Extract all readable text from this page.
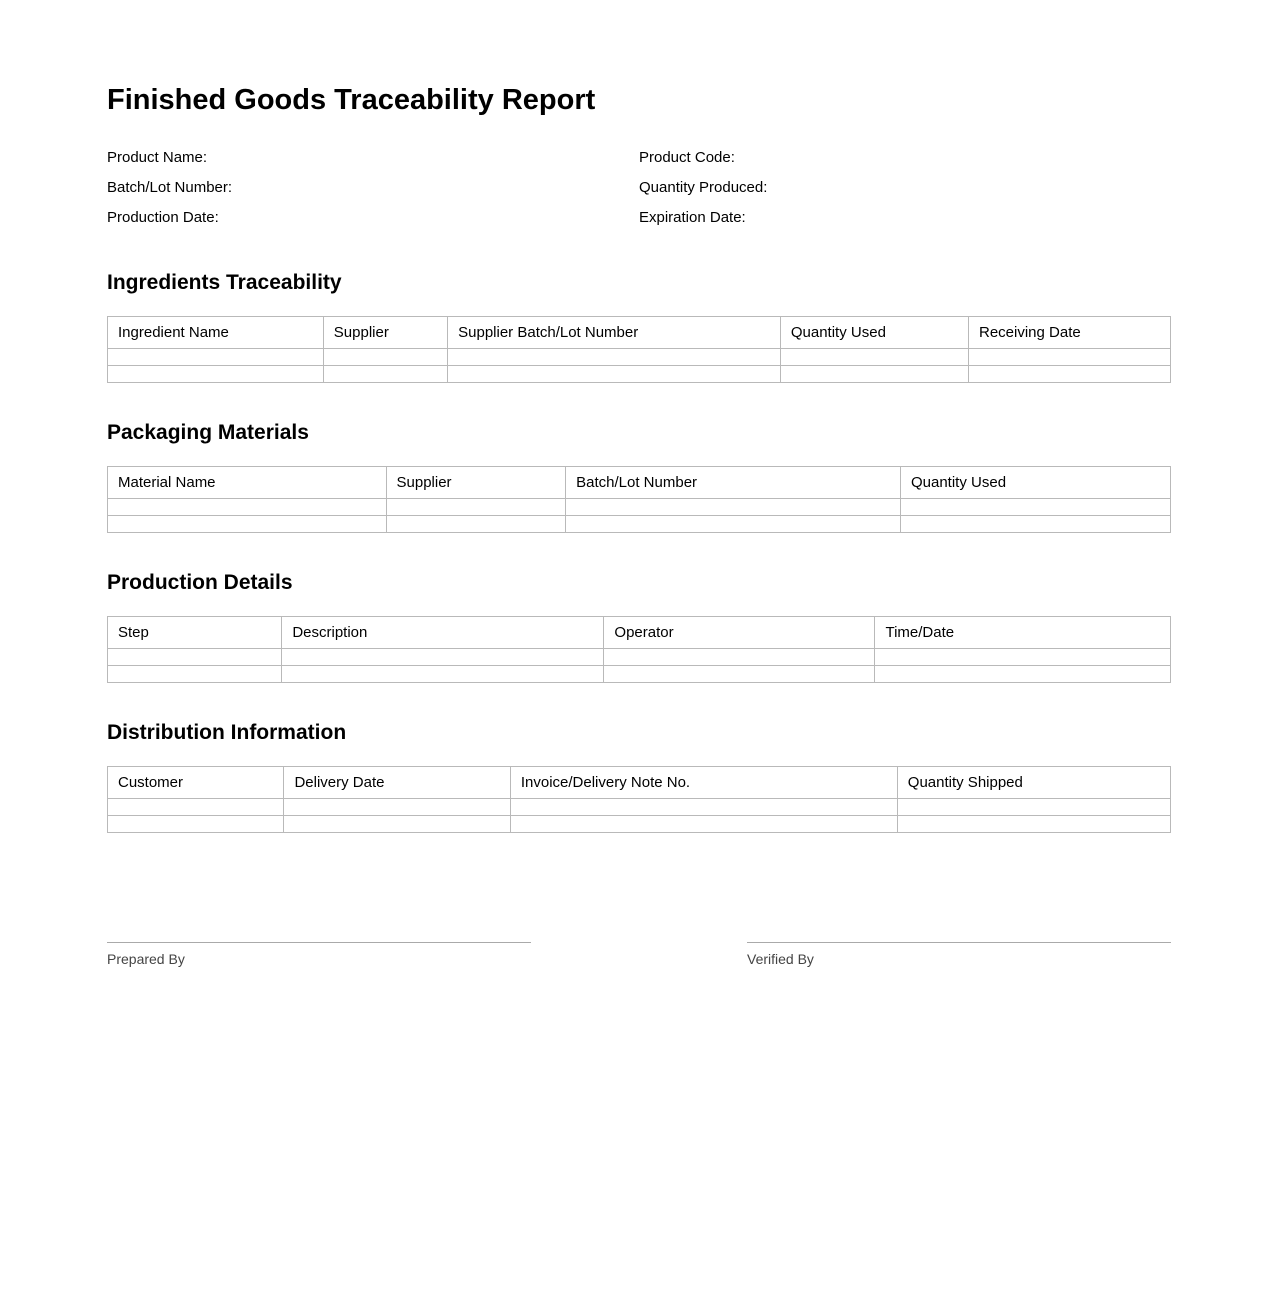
Finished Goods Traceability Report
Product Name:
Batch/Lot Number:
Production Date:
Product Code:
Quantity Produced:
Expiration Date:
Ingredients Traceability
Ingredient Name	Supplier	Supplier Batch/Lot Number	Quantity Used	Receiving Date

Packaging Materials
Material Name	Supplier	Batch/Lot Number	Quantity Used

Production Details
Step	Description	Operator	Time/Date

Distribution Information
Customer	Delivery Date	Invoice/Delivery Note No.	Quantity Shipped

Prepared By	Verified By
